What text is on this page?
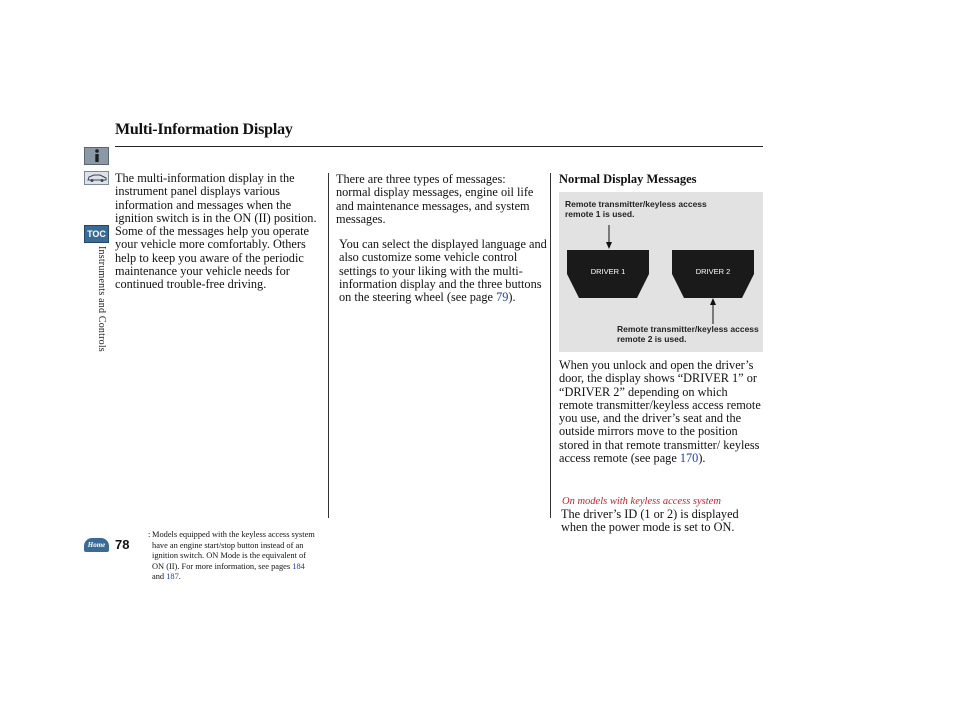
Multi-Information Display
TOC
Instruments and Controls
The multi-information display in the instrument panel displays various information and messages when the ignition switch is in the ON (II) position. Some of the messages help you operate your vehicle more comfortably. Others help to keep you aware of the periodic maintenance your vehicle needs for continued trouble-free driving.
There are three types of messages: normal display messages, engine oil life and maintenance messages, and system messages.
You can select the displayed language and also customize some vehicle control settings to your liking with the multi-information display and the three buttons on the steering wheel (see page 79).
Normal Display Messages
DRIVER 1	DRIVER 2
Remote transmitter/keyless access remote 1 is used.
Remote transmitter/keyless access remote 2 is used.
When you unlock and open the driver’s door, the display shows “DRIVER 1” or “DRIVER 2” depending on which remote transmitter/keyless access remote you use, and the driver’s seat and the outside mirrors move to the position stored in that remote transmitter/ keyless access remote (see page 170).
On models with keyless access system
The driver’s ID (1 or 2) is displayed when the power mode is set to ON.
Home 78
: Models equipped with the keyless access system have an engine start/stop button instead of an ignition switch. ON Mode is the equivalent of ON (II). For more information, see pages 184 and 187.
